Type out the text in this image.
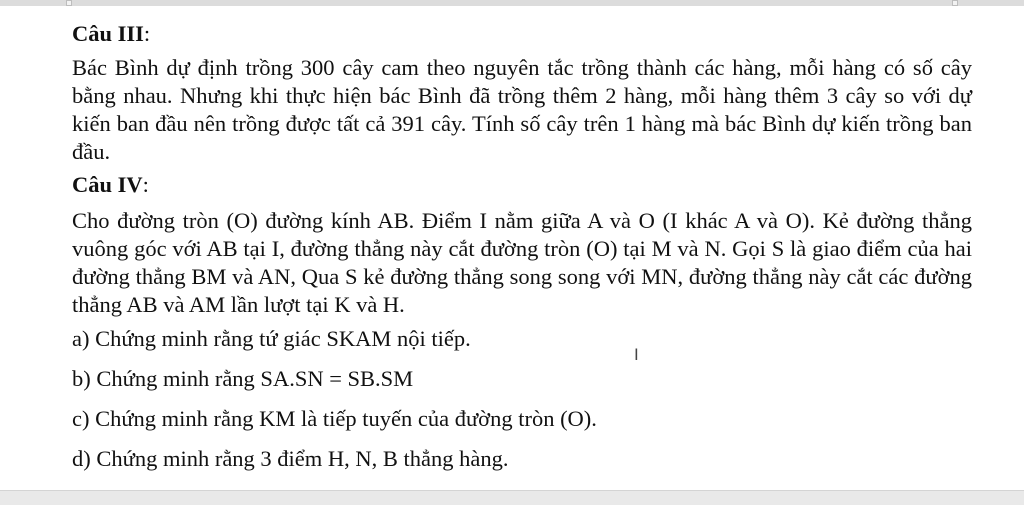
Câu III:

Bác Bình dự định trồng 300 cây cam theo nguyên tắc trồng thành các hàng, mỗi hàng có số cây bằng nhau. Nhưng khi thực hiện bác Bình đã trồng thêm 2 hàng, mỗi hàng thêm 3 cây so với dự kiến ban đầu nên trồng được tất cả 391 cây. Tính số cây trên 1 hàng mà bác Bình dự kiến trồng ban đầu.

Câu IV:

Cho đường tròn (O) đường kính AB. Điểm I nằm giữa A và O (I khác A và O). Kẻ đường thẳng vuông góc với AB tại I, đường thẳng này cắt đường tròn (O) tại M và N. Gọi S là giao điểm của hai đường thẳng BM và AN, Qua S kẻ đường thẳng song song với MN, đường thẳng này cắt các đường thẳng AB và AM lần lượt tại K và H.

a) Chứng minh rằng tứ giác SKAM nội tiếp.

b) Chứng minh rằng SA.SN = SB.SM

c) Chứng minh rằng KM là tiếp tuyến của đường tròn (O).

d) Chứng minh rằng 3 điểm H, N, B thẳng hàng.

I
